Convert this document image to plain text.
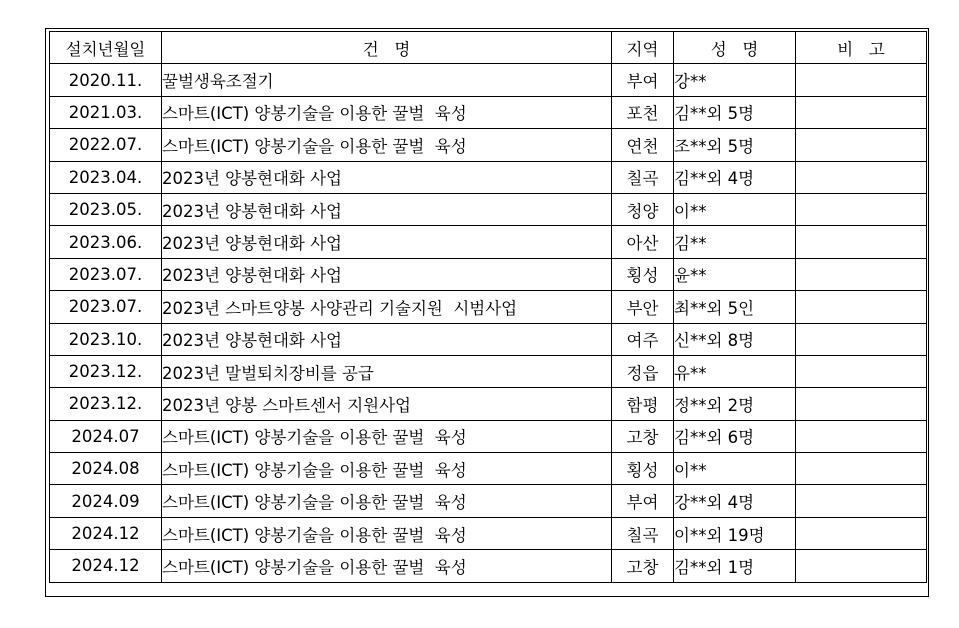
설치년월일	건   명	지역	성   명	비   고
2020.11.	꿀벌생육조절기	부여	강**	
2021.03.	스마트(ICT) 양봉기술을 이용한 꿀벌  육성	포천	김**외 5명	
2022.07.	스마트(ICT) 양봉기술을 이용한 꿀벌  육성	연천	조**외 5명	
2023.04.	2023년 양봉현대화 사업	칠곡	김**외 4명	
2023.05.	2023년 양봉현대화 사업	청양	이**	
2023.06.	2023년 양봉현대화 사업	아산	김**	
2023.07.	2023년 양봉현대화 사업	횡성	윤**	
2023.07.	2023년 스마트양봉 사양관리 기술지원  시범사업	부안	최**외 5인	
2023.10.	2023년 양봉현대화 사업	여주	신**외 8명	
2023.12.	2023년 말벌퇴치장비를 공급	정읍	유**	
2023.12.	2023년 양봉 스마트센서 지원사업	함평	정**외 2명	
2024.07	스마트(ICT) 양봉기술을 이용한 꿀벌  육성	고창	김**외 6명	
2024.08	스마트(ICT) 양봉기술을 이용한 꿀벌  육성	횡성	이**	
2024.09	스마트(ICT) 양봉기술을 이용한 꿀벌  육성	부여	강**외 4명	
2024.12	스마트(ICT) 양봉기술을 이용한 꿀벌  육성	칠곡	이**외 19명	
2024.12	스마트(ICT) 양봉기술을 이용한 꿀벌  육성	고창	김**외 1명	
